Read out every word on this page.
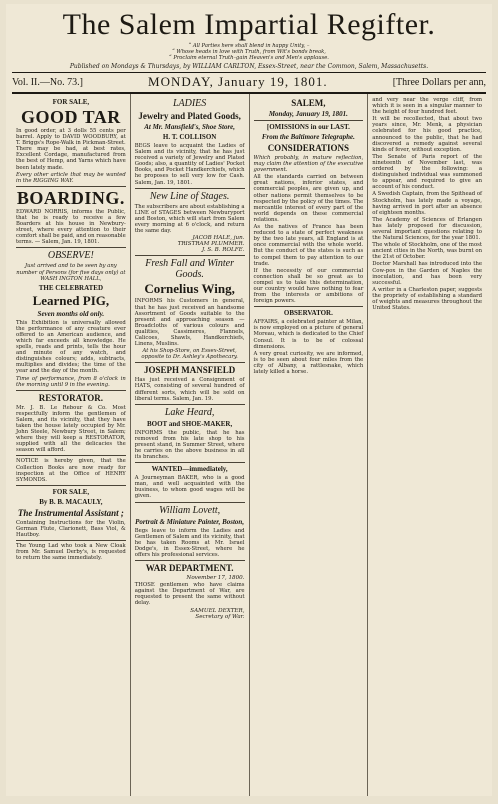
The Salem Impartial Regifter.
“ All Parties here shall blend in happy Unity, –
“ Whose heads in love with Truth, from Wit's bonds break,
“ Proclaim eternal Truth–gain Heaven's and Men's applause.
Published on Mondays & Thursdays, by WILLIAM CARLTON, Essex-Street, near the Common, Salem, Massachusetts.
Vol. II.—No. 73.]	MONDAY, January 19, 1801.	[Three Dollars per ann,
FOR SALE,
GOOD TAR

In good order, at 3 dolls 55 cents per barrel. Apply to DAVID WOODBURY, at T. Briggs's Rope-Walk in Pickman-Street. There may be had, at best rates, Excellent Cordage, manufactured from the best of Hemp, and Yarns which have been lately made.

Every other article that may be wanted in the RIGGING WAY.

BOARDING.

EDWARD NORRIS, informs the Public, that he is ready to receive a few Boarders at his house in Newbury-street, where every attention to their comfort shall be paid, and on reasonable terms. — Salem, Jan. 19, 1801.

OBSERVE!

Just arrived and to be seen by any number of Persons (for five days only) at WASH INGTON HALL,

THE CELEBRATED
Learned PIG,
Seven months old only.

This Exhibition is universally allowed the performance of any creature ever offered to an American audience, and which far exceeds all knowledge. He spells, reads and prints, tells the hour and minute of any watch, and distinguishes colours; adds, subtracts, multiplies and divides; the time of the year and the day of the month.

Time of performance, from 8 o'clock in the morning until 9 in the evening.

RESTORATOR.

Mr. J. B. Le Rebour & Co. Most respectfully inform the gentlemen of Salem, and its vicinity, that they have taken the house lately occupied by Mr. John Steele, Newbury Street, in Salem; where they will keep a RESTORATOR, supplied with all the delicacies the season will afford.

NOTICE is hereby given, that the Collection Books are now ready for inspection at the Office of HENRY SYMONDS.

FOR SALE,
By B. B. MACAULY,
The Instrumental Assistant ;

Containing Instructions for the Violin, German Flute, Clarionett, Bass Viol, & Hautboy.

The Young Lad who took a New Cloak from Mr. Samuel Derby's, is requested to return the same immediately.

LADIES
Jewelry and Plated Goods,
At Mr. Mansfield's, Shoe Store,
H. T. COLLISON

BEGS leave to acquaint the Ladies of Salem and its vicinity, that he has just received a variety of Jewelry and Plated Goods; also, a quantity of Ladies' Pocket Books, and Pocket Handkerchiefs, which he proposes to sell very low for Cash. Salem, Jan. 19, 1801.

New Line of Stages.

The subscribers are about establishing a LINE of STAGES between Newburyport and Boston, which will start from Salem every morning at 6 o'clock, and return the same day.

JACOB HALE, jun.
TRISTRAM PLUMMER.
J. S. B. ROLFE.
Fresh Fall and Winter Goods.
Cornelius Wing,

INFORMS his Customers in general, that he has just received an handsome Assortment of Goods suitable to the present and approaching season — Broadcloths of various colours and qualities, Cassimeres, Flannels, Calicoes, Shawls, Handkerchiefs, Linens, Muslins.

At his Shop-Store, on Essex-Street, opposite to Dr. Ashley's Apothecary.

JOSEPH MANSFIELD

Has just received a Consignment of HATS, consisting of several hundred of different sorts, which will be sold on liberal terms. Salem, Jan. 19.

Lake Heard,
BOOT and SHOE-MAKER,

INFORMS the public, that he has removed from his late shop to his present stand, in Summer Street, where he carries on the above business in all its branches.

WANTED—immediately,

A Journeyman BAKER, who is a good man, and well acquainted with the business, to whom good wages will be given.

William Lovett,
Portrait & Miniature Painter, Boston,

Begs leave to inform the Ladies and Gentlemen of Salem and its vicinity, that he has taken Rooms at Mr. Israel Dodge's, in Essex-Street, where he offers his professional services.

WAR DEPARTMENT.
November 17, 1800.

THOSE gentlemen who have claims against the Department of War, are requested to present the same without delay.

SAMUEL DEXTER,
Secretary of War.
SALEM,
Monday, January 19, 1801.
[OMISSIONS in our LAST.
From the Baltimore Telegraphe.
CONSIDERATIONS

Which probably, in mature reflection, may claim the attention of the executive government.

All the standards carried on between great nations, inferior states, and commercial peoples, are given up, and other nations permit themselves to be respected by the policy of the times. The mercantile interest of every part of the world depends on these commercial relations.

As the natives of France has been reduced to a state of perfect weakness by the two late years, all England is at once commercial with the whole world. But the conduct of the states is such as to compel them to pay attention to our trade.

If the necessity of our commercial connection shall be so great as to compel us to take this determination, our country would have nothing to fear from the interests or ambitions of foreign powers.

OBSERVATOR.

AFFAIRS, a celebrated painter at Milan, is now employed on a picture of general Moreau, which is dedicated to the Chief Consul. It is to be of colossal dimensions.

A very great curiosity, we are informed, is to be seen about four miles from the city of Albany, a rattlesnake, which lately killed a horse.

and very near the verge cliff, from which it is seen in a singular manner to the height of four hundred feet.

It will be recollected, that about two years since, Mr. Menk, a physician celebrated for his good practice, announced to the public, that he had discovered a remedy against several kinds of fever, without exception.

The Senate of Paris report of the nineteenth of November last, was ordered by the following: a distinguished individual was summoned to appear, and required to give an account of his conduct.

A Swedish Captain, from the Spithead of Stockholm, has lately made a voyage, having arrived in port after an absence of eighteen months.

The Academy of Sciences of Erlangen has lately proposed for discussion, several important questions relating to the Natural Sciences, for the year 1801.

The whole of Stockholm, one of the most ancient cities in the North, was burnt on the 21st of October.

Doctor Marshall has introduced into the Cow-pox in the Garden of Naples the inoculation, and has been very successful.

A writer in a Charleston paper, suggests the propriety of establishing a standard of weights and measures throughout the United States.
